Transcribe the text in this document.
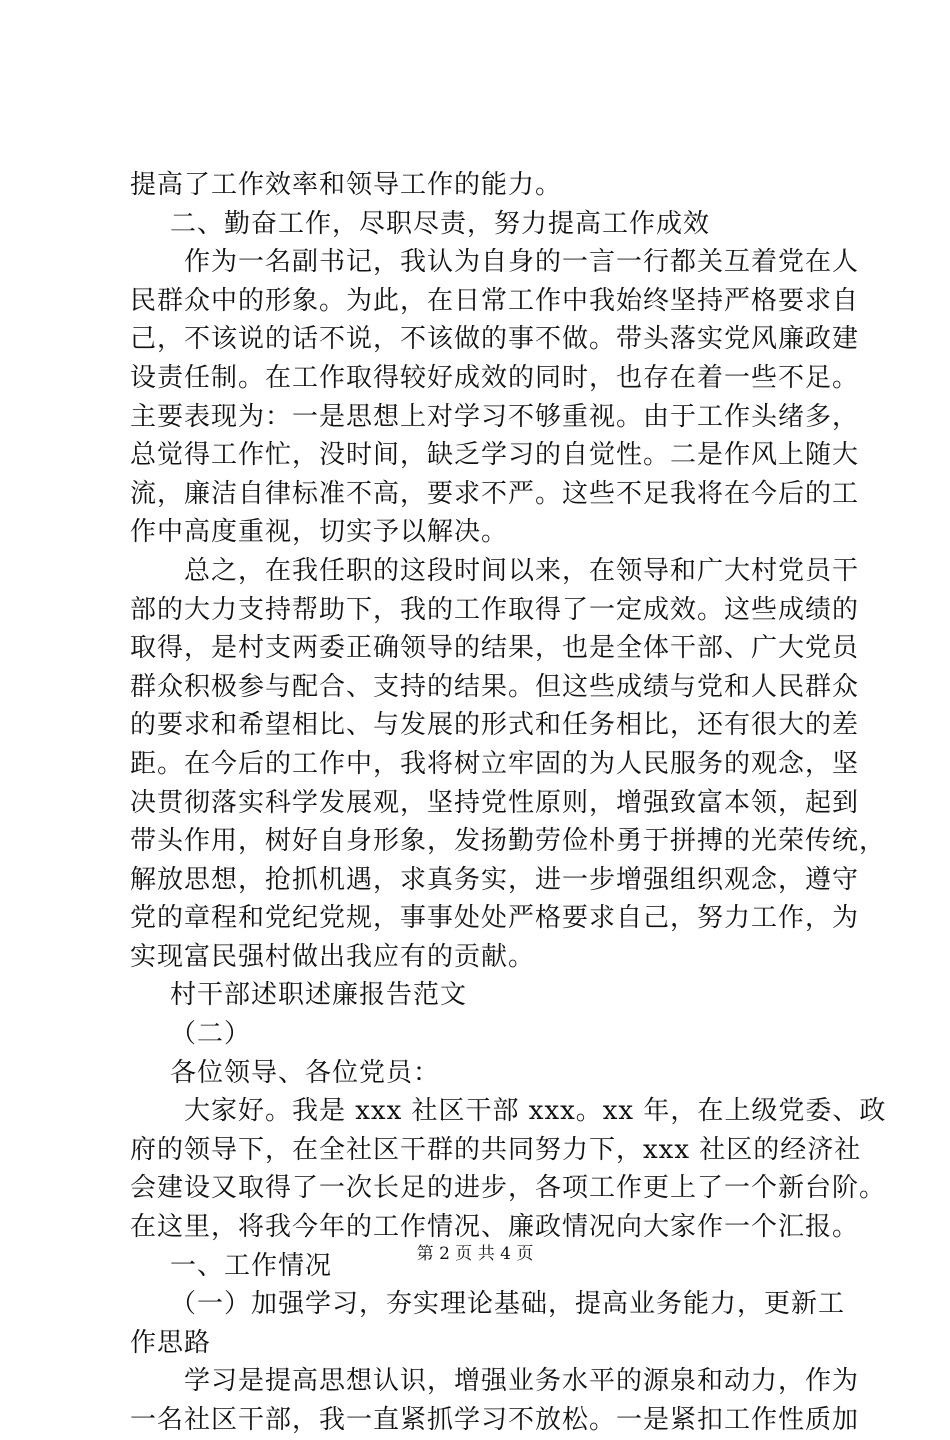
提高了工作效率和领导工作的能力。
二、勤奋工作，尽职尽责，努力提高工作成效
作为一名副书记，我认为自身的一言一行都关互着党在人
民群众中的形象。为此，在日常工作中我始终坚持严格要求自
己，不该说的话不说，不该做的事不做。带头落实党风廉政建
设责任制。在工作取得较好成效的同时，也存在着一些不足。
主要表现为：一是思想上对学习不够重视。由于工作头绪多，
总觉得工作忙，没时间，缺乏学习的自觉性。二是作风上随大
流，廉洁自律标准不高，要求不严。这些不足我将在今后的工
作中高度重视，切实予以解决。
总之，在我任职的这段时间以来，在领导和广大村党员干
部的大力支持帮助下，我的工作取得了一定成效。这些成绩的
取得，是村支两委正确领导的结果，也是全体干部、广大党员
群众积极参与配合、支持的结果。但这些成绩与党和人民群众
的要求和希望相比、与发展的形式和任务相比，还有很大的差
距。在今后的工作中，我将树立牢固的为人民服务的观念，坚
决贯彻落实科学发展观，坚持党性原则，增强致富本领，起到
带头作用，树好自身形象，发扬勤劳俭朴勇于拼搏的光荣传统，
解放思想，抢抓机遇，求真务实，进一步增强组织观念，遵守
党的章程和党纪党规，事事处处严格要求自己，努力工作，为
实现富民强村做出我应有的贡献。
村干部述职述廉报告范文
（二）
各位领导、各位党员：
大家好。我是 xxx 社区干部 xxx。xx 年，在上级党委、政
府的领导下，在全社区干群的共同努力下，xxx 社区的经济社
会建设又取得了一次长足的进步，各项工作更上了一个新台阶。
在这里，将我今年的工作情况、廉政情况向大家作一个汇报。
一、工作情况
（一）加强学习，夯实理论基础，提高业务能力，更新工
作思路
学习是提高思想认识，增强业务水平的源泉和动力，作为
一名社区干部，我一直紧抓学习不放松。一是紧扣工作性质加
第 2 页 共 4 页
